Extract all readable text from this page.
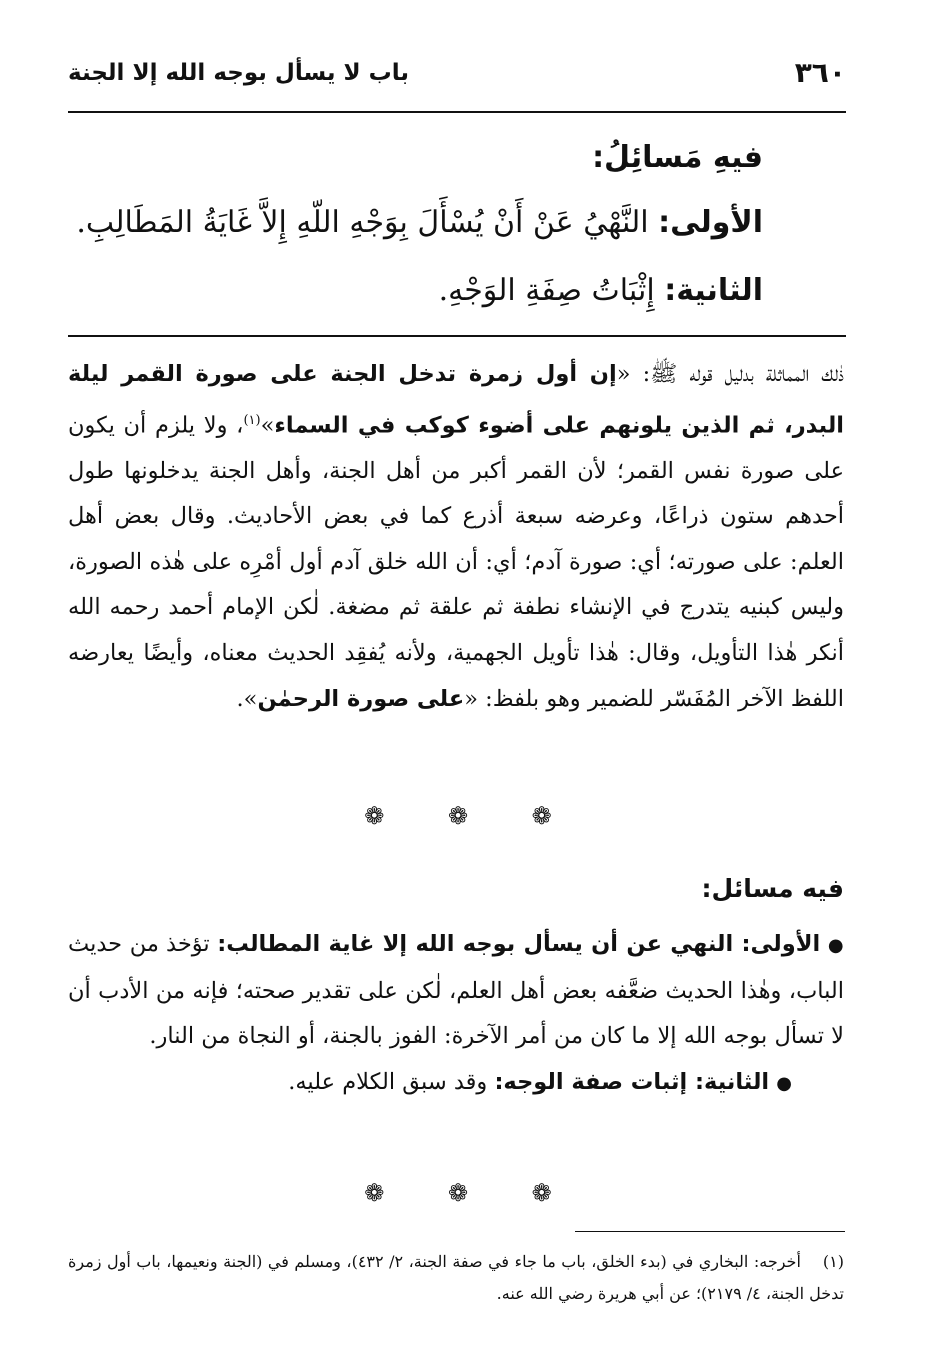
٣٦٠
باب لا يسأل بوجه الله إلا الجنة
فيهِ مَسائِلُ:
الأولى: النَّهْيُ عَنْ أَنْ يُسْأَلَ بِوَجْهِ اللّهِ إِلاَّ غَايَةُ المَطَالِبِ.
الثانية: إِثْبَاتُ صِفَةِ الوَجْهِ.

ذٰلك المماثلة بدليل قوله ﷺ: «إن أول زمرة تدخل الجنة على صورة القمر ليلة البدر، ثم الذين يلونهم على أضوء كوكب في السماء»$^{(١)}$، ولا يلزم أن يكون على صورة نفس القمر؛ لأن القمر أكبر من أهل الجنة، وأهل الجنة يدخلونها طول أحدهم ستون ذراعًا، وعرضه سبعة أذرع كما في بعض الأحاديث. وقال بعض أهل العلم: على صورته؛ أي: صورة آدم؛ أي: أن الله خلق آدم أول أمْرِه على هٰذه الصورة، وليس كبنيه يتدرج في الإنشاء نطفة ثم علقة ثم مضغة. لٰكن الإمام أحمد رحمه الله أنكر هٰذا التأويل، وقال: هٰذا تأويل الجهمية، ولأنه يُفقِد الحديث معناه، وأيضًا يعارضه اللفظ الآخر المُفَسّر للضمير وهو بلفظ: «على صورة الرحمٰن».

❁ ❁ ❁
فيه مسائل:

● الأولى: النهي عن أن يسأل بوجه الله إلا غاية المطالب: تؤخذ من حديث الباب، وهٰذا الحديث ضعَّفه بعض أهل العلم، لٰكن على تقدير صحته؛ فإنه من الأدب أن لا تسأل بوجه الله إلا ما كان من أمر الآخرة: الفوز بالجنة، أو النجاة من النار.

● الثانية: إثبات صفة الوجه: وقد سبق الكلام عليه.

❁ ❁ ❁

(١)    أخرجه: البخاري في (بدء الخلق، باب ما جاء في صفة الجنة، ٢/ ٤٣٢)، ومسلم في (الجنة ونعيمها، باب أول زمرة تدخل الجنة، ٤/ ٢١٧٩)؛ عن أبي هريرة رضي الله عنه.
